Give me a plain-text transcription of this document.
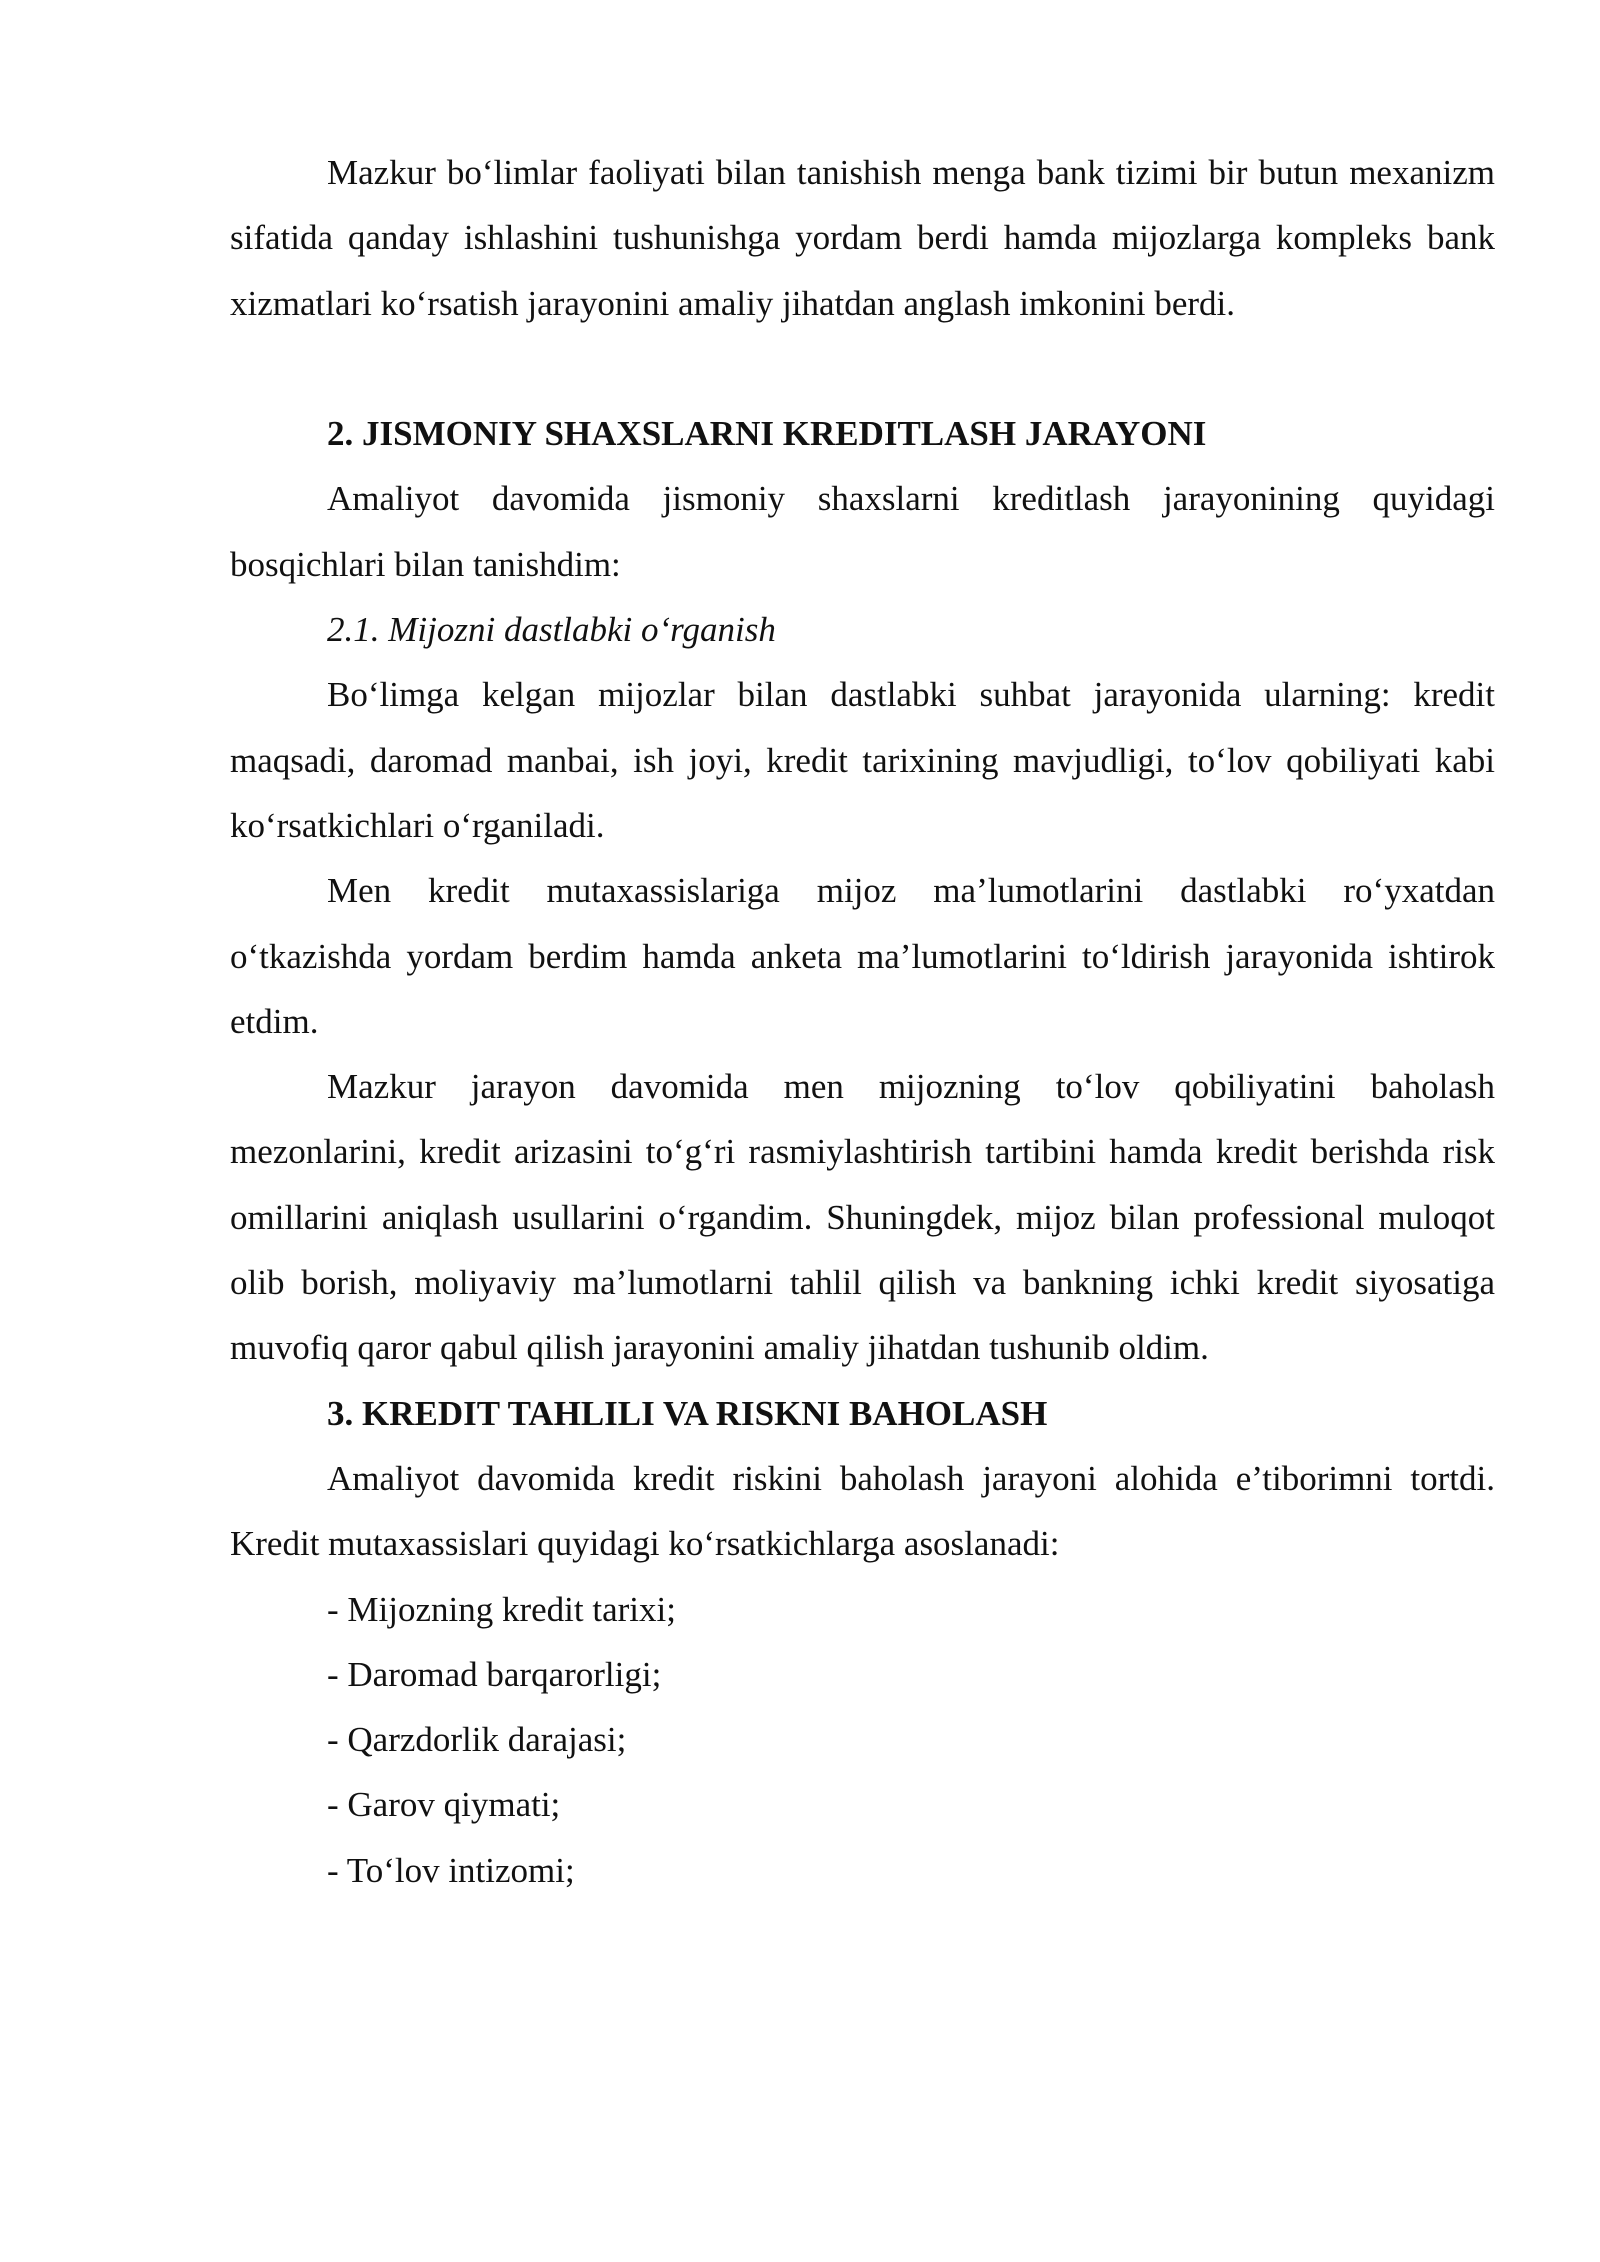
Mazkur bo‘limlar faoliyati bilan tanishish menga bank tizimi bir butun mexanizm sifatida qanday ishlashini tushunishga yordam berdi hamda mijozlarga kompleks bank xizmatlari ko‘rsatish jarayonini amaliy jihatdan anglash imkonini berdi.

2. JISMONIY SHAXSLARNI KREDITLASH JARAYONI

Amaliyot davomida jismoniy shaxslarni kreditlash jarayonining quyidagi bosqichlari bilan tanishdim:

2.1. Mijozni dastlabki o‘rganish

Bo‘limga kelgan mijozlar bilan dastlabki suhbat jarayonida ularning: kredit maqsadi, daromad manbai, ish joyi, kredit tarixining mavjudligi, to‘lov qobiliyati kabi ko‘rsatkichlari o‘rganiladi.

Men kredit mutaxassislariga mijoz ma’lumotlarini dastlabki ro‘yxatdan o‘tkazishda yordam berdim hamda anketa ma’lumotlarini to‘ldirish jarayonida ishtirok etdim.

Mazkur jarayon davomida men mijozning to‘lov qobiliyatini baholash mezonlarini, kredit arizasini to‘g‘ri rasmiylashtirish tartibini hamda kredit berishda risk omillarini aniqlash usullarini o‘rgandim. Shuningdek, mijoz bilan professional muloqot olib borish, moliyaviy ma’lumotlarni tahlil qilish va bankning ichki kredit siyosatiga muvofiq qaror qabul qilish jarayonini amaliy jihatdan tushunib oldim.

3. KREDIT TAHLILI VA RISKNI BAHOLASH

Amaliyot davomida kredit riskini baholash jarayoni alohida e’tiborimni tortdi. Kredit mutaxassislari quyidagi ko‘rsatkichlarga asoslanadi:

- Mijozning kredit tarixi;

- Daromad barqarorligi;

- Qarzdorlik darajasi;

- Garov qiymati;

- To‘lov intizomi;
